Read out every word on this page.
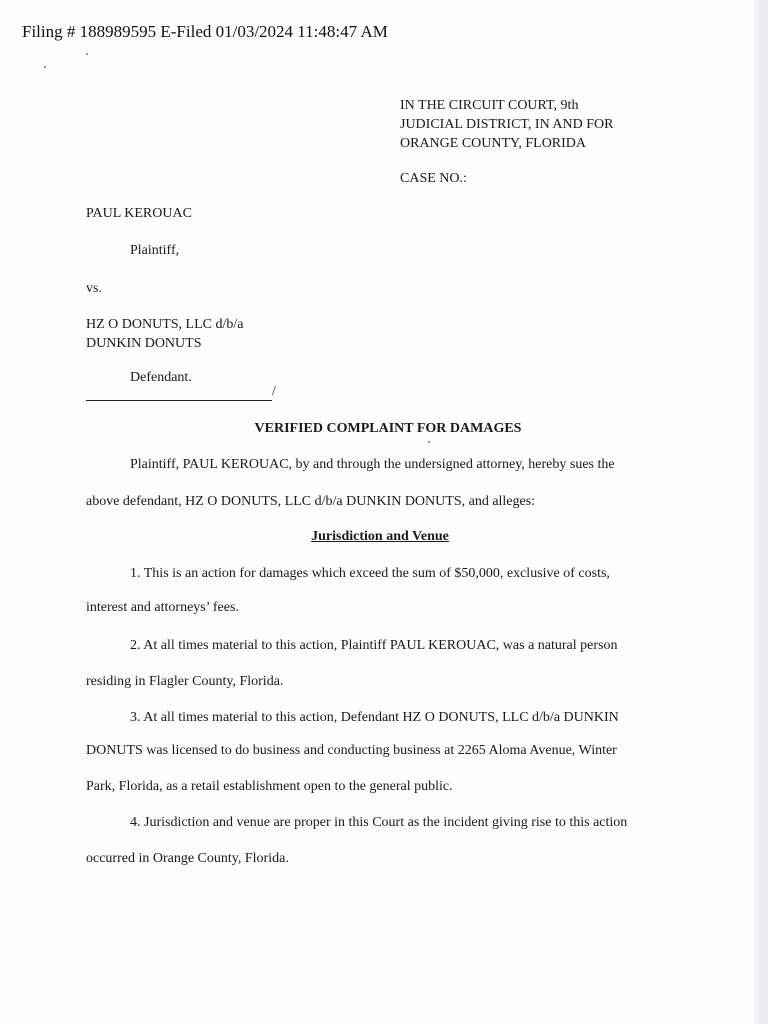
Filing # 188989595 E-Filed 01/03/2024 11:48:47 AM
IN THE CIRCUIT COURT, 9th
JUDICIAL DISTRICT, IN AND FOR
ORANGE COUNTY, FLORIDA
CASE NO.:
PAUL KEROUAC
Plaintiff,
vs.
HZ O DONUTS, LLC d/b/a
DUNKIN DONUTS
Defendant.
/
VERIFIED COMPLAINT FOR DAMAGES
Plaintiff, PAUL KEROUAC, by and through the undersigned attorney, hereby sues the
above defendant, HZ O DONUTS, LLC d/b/a DUNKIN DONUTS, and alleges:
Jurisdiction and Venue
1. This is an action for damages which exceed the sum of $50,000, exclusive of costs,
interest and attorneys’ fees.
2. At all times material to this action, Plaintiff PAUL KEROUAC, was a natural person
residing in Flagler County, Florida.
3. At all times material to this action, Defendant HZ O DONUTS, LLC d/b/a DUNKIN
DONUTS was licensed to do business and conducting business at 2265 Aloma Avenue, Winter
Park, Florida, as a retail establishment open to the general public.
4. Jurisdiction and venue are proper in this Court as the incident giving rise to this action
occurred in Orange County, Florida.
